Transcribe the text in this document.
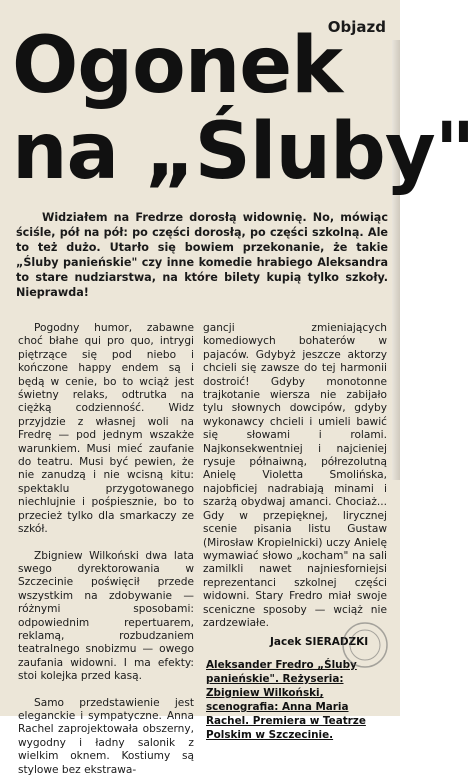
Objazd
Ogonek
na „Śluby"
Widziałem na Fredrze dorosłą widownię. No, mówiąc ściśle, pół na pół: po części dorosłą, po części szkolną. Ale to też dużo. Utarło się bowiem przekonanie, że takie „Śluby panieńskie" czy inne komedie hrabiego Aleksandra to stare nudziarstwa, na które bilety kupią tylko szkoły. Nieprawda!

Pogodny humor, zabawne choć błahe qui pro quo, intrygi piętrzące się pod niebo i kończone happy endem są i będą w cenie, bo to wciąż jest świetny relaks, odtrutka na ciężką codzienność. Widz przyjdzie z własnej woli na Fredrę — pod jednym wszakże warunkiem. Musi mieć zaufanie do teatru. Musi być pewien, że nie zanudzą i nie wcisną kitu: spektaklu przygotowanego niechlujnie i pośpiesznie, bo to przecież tylko dla smarkaczy ze szkół.

Zbigniew Wilkoński dwa lata swego dyrektorowania w Szczecinie poświęcił przede wszystkim na zdobywanie — różnymi sposobami: odpowiednim repertuarem, reklamą, rozbudzaniem teatralnego snobizmu — owego zaufania widowni. I ma efekty: stoi kolejka przed kasą.

Samo przedstawienie jest eleganckie i sympatyczne. Anna Rachel zaprojektowała obszerny, wygodny i ładny salonik z wielkim oknem. Kostiumy są stylowe bez ekstrawa-

gancji zmieniających komediowych bohaterów w pajaców. Gdybyż jeszcze aktorzy chcieli się zawsze do tej harmonii dostroić! Gdyby monotonne trajkotanie wiersza nie zabijało tylu słownych dowcipów, gdyby wykonawcy chcieli i umieli bawić się słowami i rolami. Najkonsekwentniej i najcieniej rysuje półnaiwną, półrezolutną Anielę Violetta Smolińska, najobficiej nadrabiają minami i szarżą obydwaj amanci. Chociaż... Gdy w przepięknej, lirycznej scenie pisania listu Gustaw (Mirosław Kropielnicki) uczy Anielę wymawiać słowo „kocham" na sali zamilkli nawet najniesforniejsi reprezentanci szkolnej części widowni. Stary Fredro miał swoje sceniczne sposoby — wciąż nie zardzewiałe.

Jacek SIERADZKI
Aleksander Fredro „Śluby panieńskie". Reżyseria: Zbigniew Wilkoński, scenografia: Anna Maria Rachel. Premiera w Teatrze Polskim w Szczecinie.
